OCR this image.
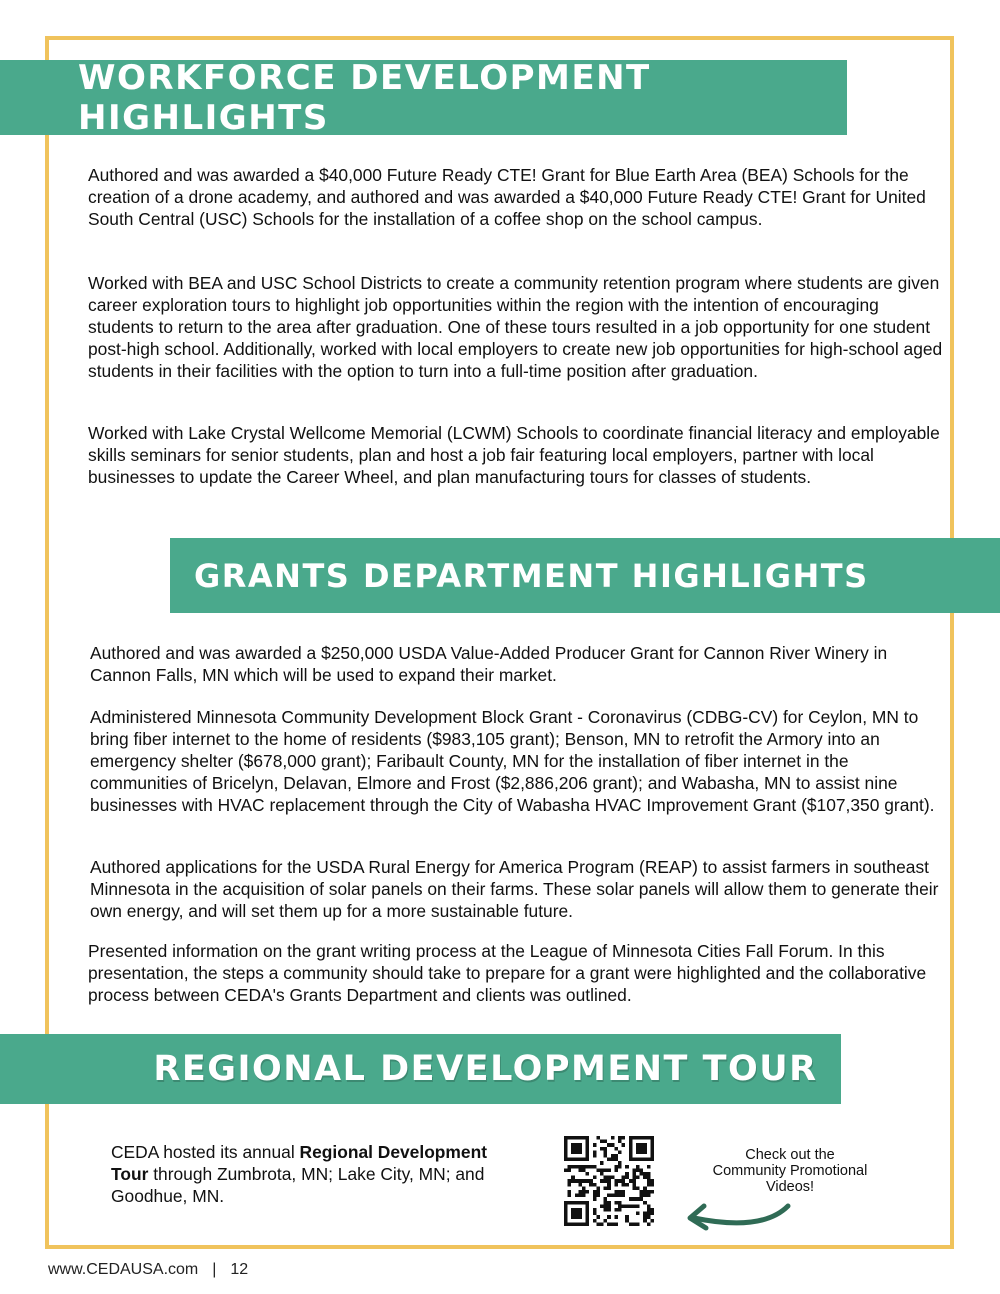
WORKFORCE DEVELOPMENT HIGHLIGHTS

Authored and was awarded a $40,000 Future Ready CTE! Grant for Blue Earth Area (BEA) Schools for the creation of a drone academy, and authored and was awarded a $40,000 Future Ready CTE! Grant for United South Central (USC) Schools for the installation of a coffee shop on the school campus.

Worked with BEA and USC School Districts to create a community retention program where students are given career exploration tours to highlight job opportunities within the region with the intention of encouraging students to return to the area after graduation. One of these tours resulted in a job opportunity for one student post-high school. Additionally, worked with local employers to create new job opportunities for high-school aged students in their facilities with the option to turn into a full-time position after graduation.

Worked with Lake Crystal Wellcome Memorial (LCWM) Schools to coordinate financial literacy and employable skills seminars for senior students, plan and host a job fair featuring local employers, partner with local businesses to update the Career Wheel, and plan manufacturing tours for classes of students.

GRANTS DEPARTMENT HIGHLIGHTS

Authored and was awarded a $250,000 USDA Value-Added Producer Grant for Cannon River Winery in Cannon Falls, MN which will be used to expand their market.

Administered Minnesota Community Development Block Grant - Coronavirus (CDBG-CV) for Ceylon, MN to bring fiber internet to the home of residents ($983,105 grant); Benson, MN to retrofit the Armory into an emergency shelter ($678,000 grant); Faribault County, MN for the installation of fiber internet in the communities of Bricelyn, Delavan, Elmore and Frost ($2,886,206 grant); and Wabasha, MN to assist nine businesses with HVAC replacement through the City of Wabasha HVAC Improvement Grant ($107,350 grant).

Authored applications for the USDA Rural Energy for America Program (REAP) to assist farmers in southeast Minnesota in the acquisition of solar panels on their farms. These solar panels will allow them to generate their own energy, and will set them up for a more sustainable future.

Presented information on the grant writing process at the League of Minnesota Cities Fall Forum. In this presentation, the steps a community should take to prepare for a grant were highlighted and the collaborative process between CEDA's Grants Department and clients was outlined.

REGIONAL DEVELOPMENT TOUR

CEDA hosted its annual Regional Development Tour through Zumbrota, MN; Lake City, MN; and Goodhue, MN.

Check out the Community Promotional Videos!

www.CEDAUSA.com | 12
